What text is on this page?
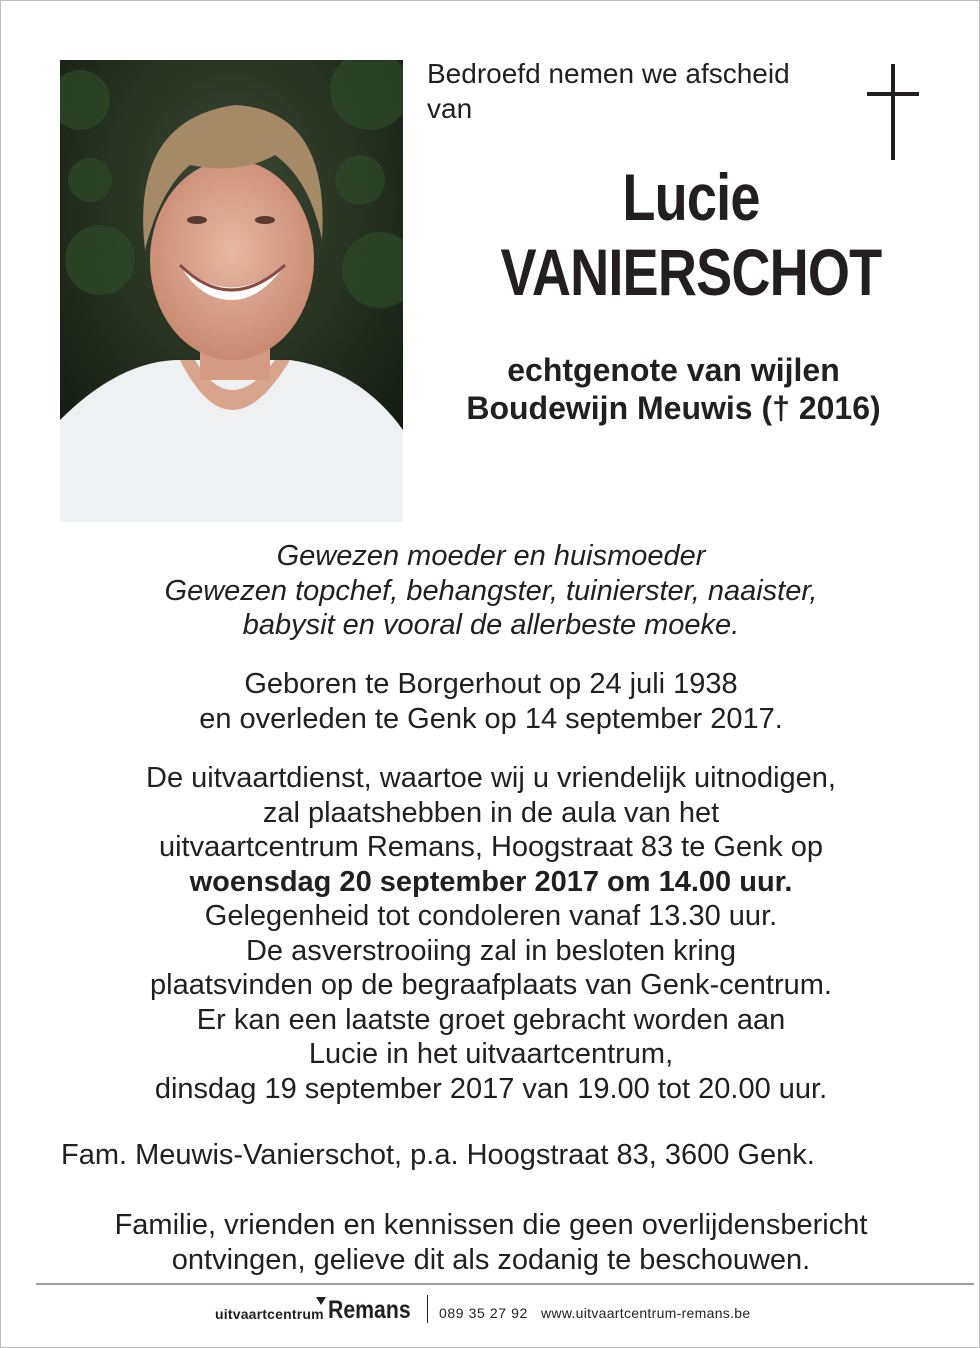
Bedroefd nemen we afscheid
van
Lucie
VANIERSCHOT
echtgenote van wijlen
Boudewijn Meuwis († 2016)
Gewezen moeder en huismoeder
Gewezen topchef, behangster, tuinierster, naaister,
babysit en vooral de allerbeste moeke.
Geboren te Borgerhout op 24 juli 1938
en overleden te Genk op 14 september 2017.
De uitvaartdienst, waartoe wij u vriendelijk uitnodigen,
zal plaatshebben in de aula van het
uitvaartcentrum Remans, Hoogstraat 83 te Genk op
woensdag 20 september 2017 om 14.00 uur.
Gelegenheid tot condoleren vanaf 13.30 uur.
De asverstrooiing zal in besloten kring
plaatsvinden op de begraafplaats van Genk-centrum.
Er kan een laatste groet gebracht worden aan
Lucie in het uitvaartcentrum,
dinsdag 19 september 2017 van 19.00 tot 20.00 uur.
Fam. Meuwis-Vanierschot, p.a. Hoogstraat 83, 3600 Genk.
Familie, vrienden en kennissen die geen overlijdensbericht
ontvingen, gelieve dit als zodanig te beschouwen.
uitvaartcentrum Remans 089 35 27 92 www.uitvaartcentrum-remans.be
